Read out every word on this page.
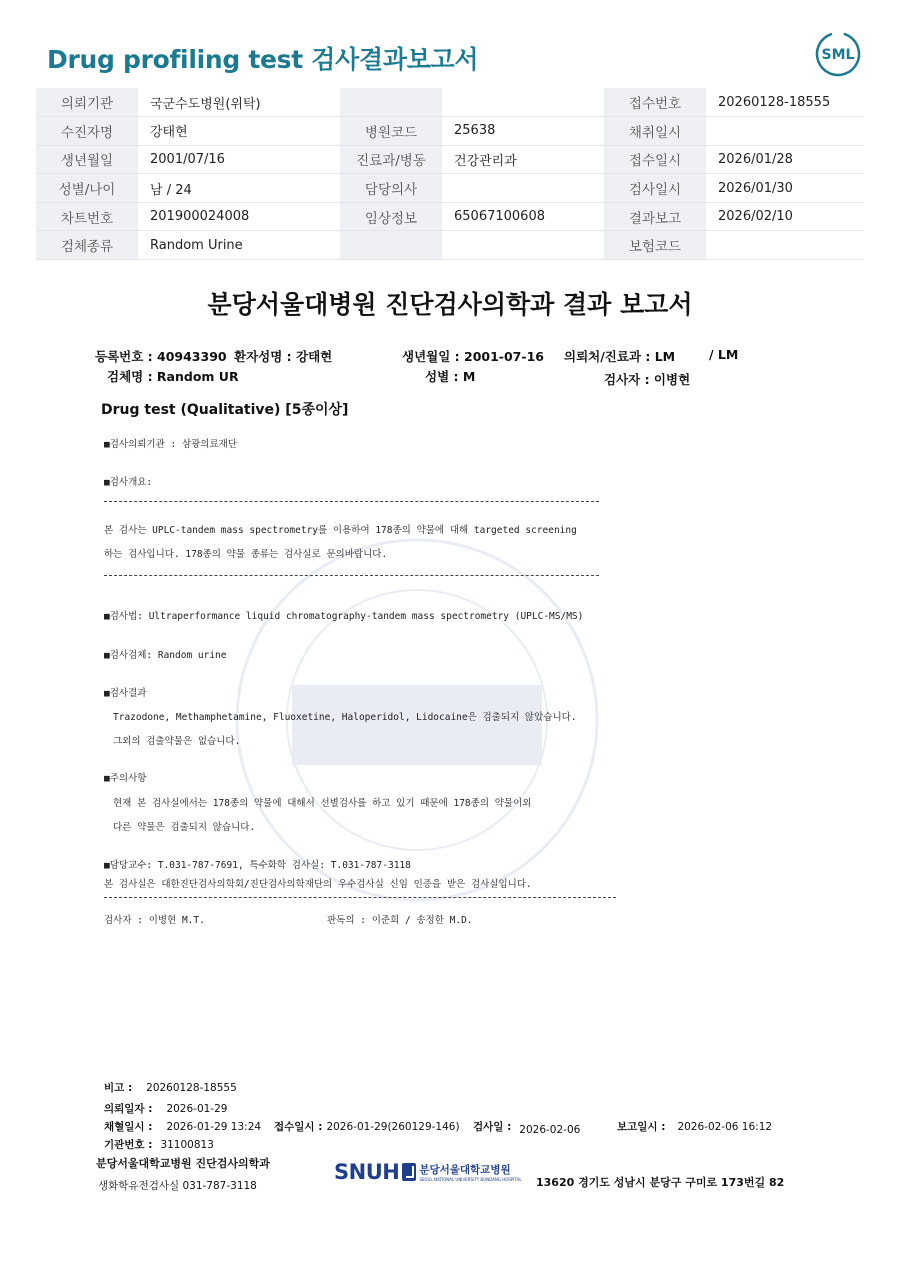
Drug profiling test 검사결과보고서	SML
의뢰기관	국군수도병원(위탁)			접수번호	20260128-18555
수진자명	강태현	병원코드	25638	채취일시	
생년월일	2001/07/16	진료과/병동	건강관리과	접수일시	2026/01/28
성별/나이	남 / 24	담당의사		검사일시	2026/01/30
차트번호	201900024008	임상정보	65067100608	결과보고	2026/02/10
검체종류	Random Urine			보험코드	
분당서울대병원 진단검사의학과 결과 보고서
등록번호 : 40943390 환자성명 : 강태현	생년월일 : 2001-07-16 의뢰처/진료과 : LM	/ LM
검체명 : Random UR	성별 : M	검사자 : 이병현
Drug test (Qualitative) [5종이상]
■검사의뢰기관 : 삼광의료재단
■검사개요:
본 검사는 UPLC-tandem mass spectrometry를 이용하여 178종의 약물에 대해 targeted screening
하는 검사입니다. 178종의 약물 종류는 검사실로 문의바랍니다.
■검사법: Ultraperformance liquid chromatography-tandem mass spectrometry (UPLC-MS/MS)
■검사검체: Random urine
■검사결과
Trazodone, Methamphetamine, Fluoxetine, Haloperidol, Lidocaine은 검출되지 않았습니다.
그외의 검출약물은 없습니다.
■주의사항
현재 본 검사실에서는 178종의 약물에 대해서 선별검사를 하고 있기 때문에 178종의 약물이외
다른 약물은 검출되지 않습니다.
■담당교수: T.031-787-7691, 특수화학 검사실: T.031-787-3118
본 검사실은 대한진단검사의학회/진단검사의학재단의 우수검사실 신임 인증을 받은 검사실입니다.
검사자 : 이병현 M.T.	판독의 : 이준희 / 송정한 M.D.
비고 : 20260128-18555
의뢰일자 : 2026-01-29
채혈일시 : 2026-01-29 13:24 접수일시 : 2026-01-29(260129-146) 검사일 : 2026-02-06	보고일시 : 2026-02-06 16:12
기관번호 : 31100813
분당서울대학교병원 진단검사의학과
생화학유전검사실 031-787-3118
SNUH 분당서울대학교병원
SEOUL NATIONAL UNIVERSITY BUNDANG HOSPITAL 13620 경기도 성남시 분당구 구미로 173번길 82
